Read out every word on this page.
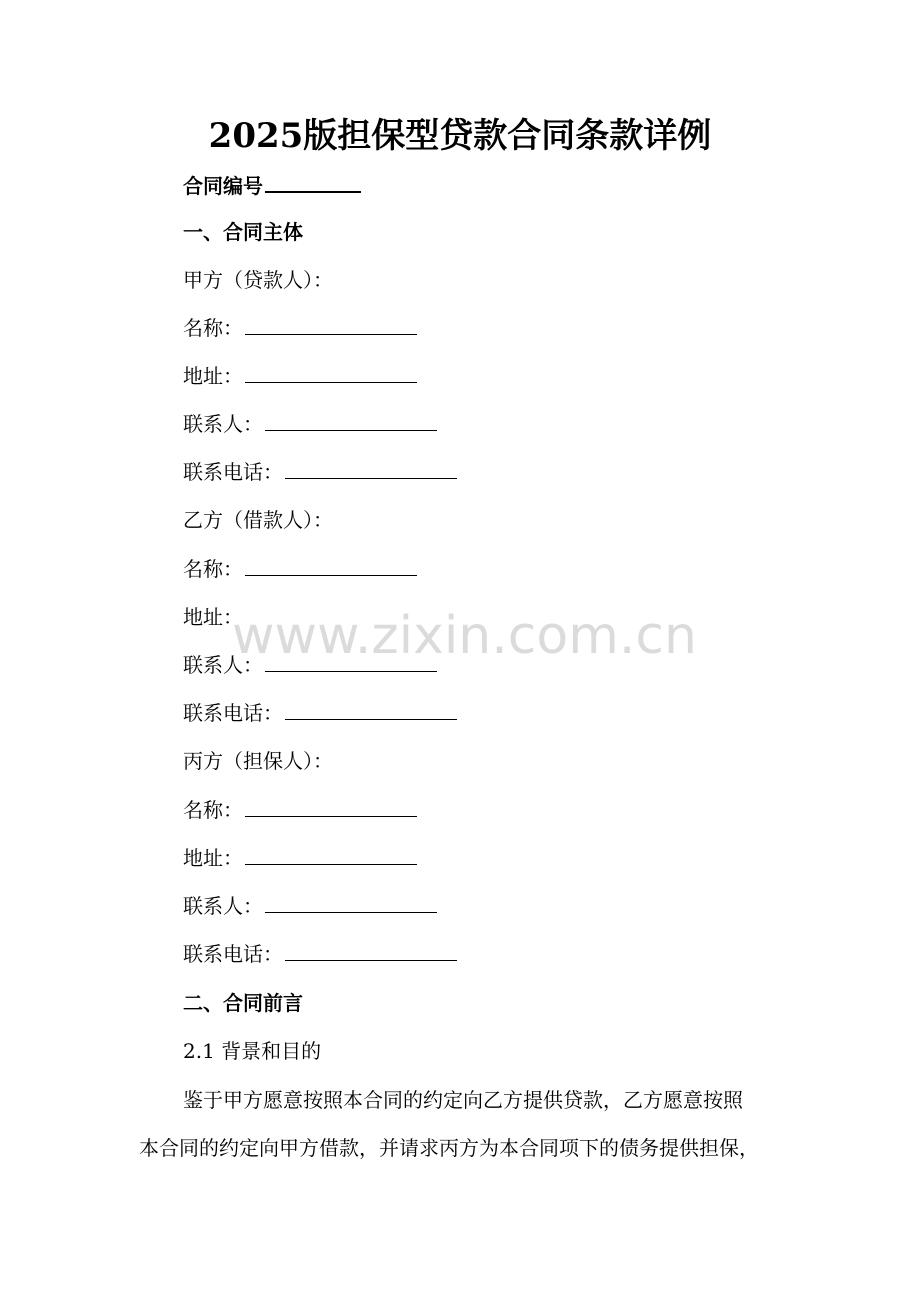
2025版担保型贷款合同条款详例
合同编号
一、合同主体
甲方（贷款人）：
名称：
地址：
联系人：
联系电话：
乙方（借款人）：
名称：
地址：
联系人：
联系电话：
丙方（担保人）：
名称：
地址：
联系人：
联系电话：
二、合同前言
2.1 背景和目的
鉴于甲方愿意按照本合同的约定向乙方提供贷款，乙方愿意按照
本合同的约定向甲方借款，并请求丙方为本合同项下的债务提供担保，
www.zixin.com.cn
